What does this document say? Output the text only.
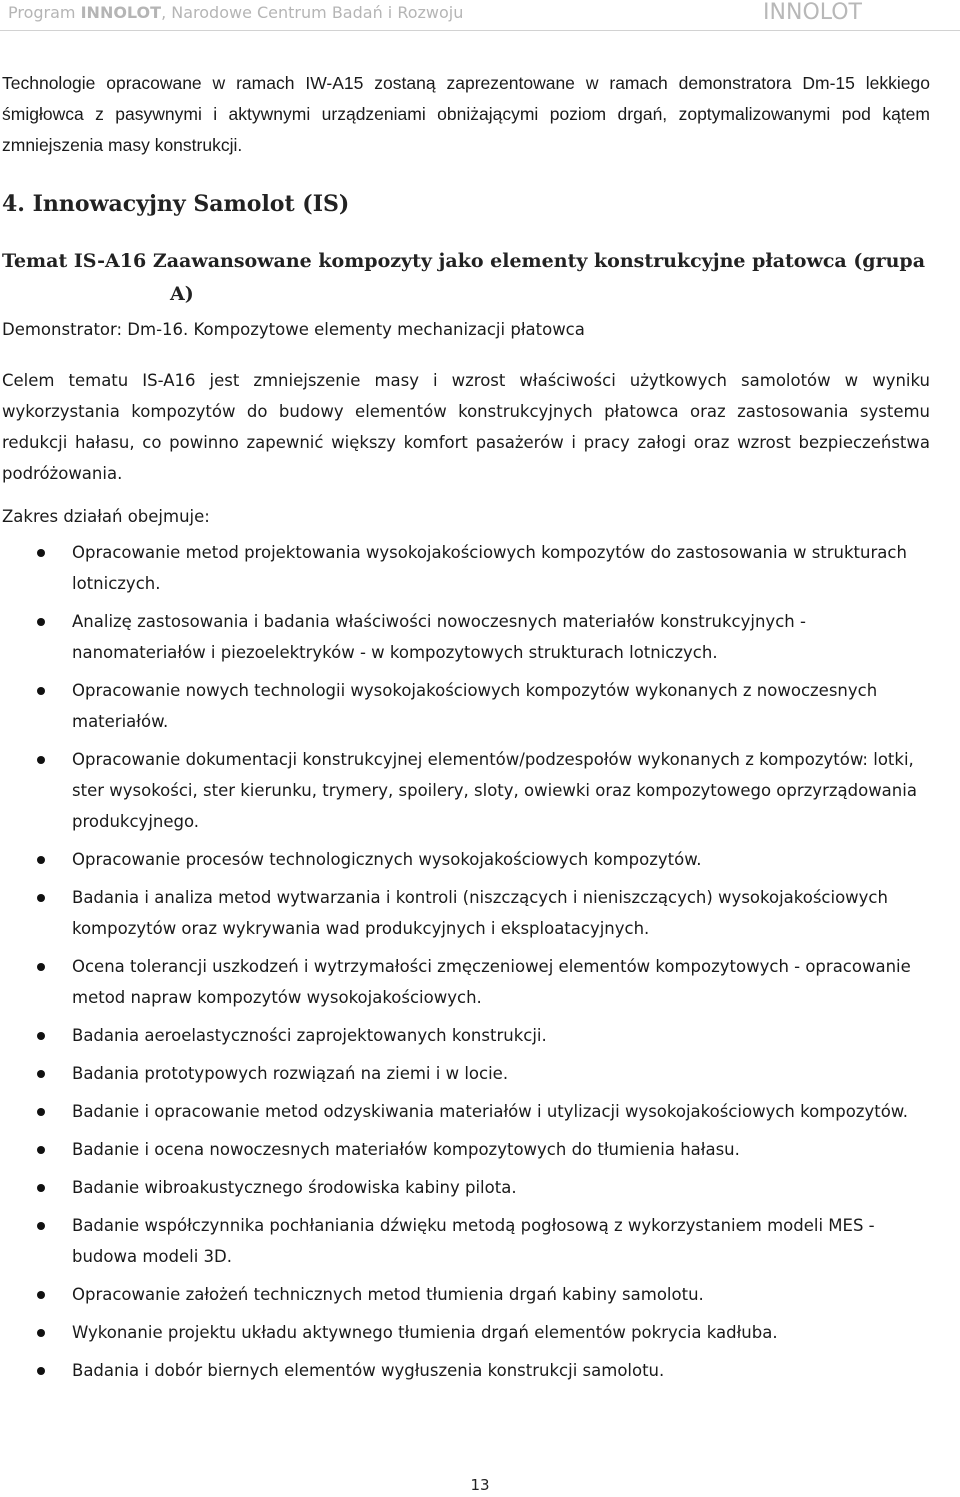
Program INNOLOT, Narodowe Centrum Badań i Rozwoju	INNOLOT

Technologie opracowane w ramach IW-A15 zostaną zaprezentowane w ramach demonstratora Dm-15 lekkiego śmigłowca z pasywnymi i aktywnymi urządzeniami obniżającymi poziom drgań, zoptymalizowanymi pod kątem zmniejszenia masy konstrukcji.

4. Innowacyjny Samolot (IS)
Temat IS-A16 Zaawansowane kompozyty jako elementy konstrukcyjne płatowca (grupa A)

Demonstrator: Dm-16. Kompozytowe elementy mechanizacji płatowca

Celem tematu IS-A16 jest zmniejszenie masy i wzrost właściwości użytkowych samolotów w wyniku wykorzystania kompozytów do budowy elementów konstrukcyjnych płatowca oraz zastosowania systemu redukcji hałasu, co powinno zapewnić większy komfort pasażerów i pracy załogi oraz wzrost bezpieczeństwa podróżowania.

Zakres działań obejmuje:

Opracowanie metod projektowania wysokojakościowych kompozytów do zastosowania w strukturach lotniczych.
Analizę zastosowania i badania właściwości nowoczesnych materiałów konstrukcyjnych - nanomateriałów i piezoelektryków - w kompozytowych strukturach lotniczych.
Opracowanie nowych technologii wysokojakościowych kompozytów wykonanych z nowoczesnych materiałów.
Opracowanie dokumentacji konstrukcyjnej elementów/podzespołów wykonanych z kompozytów: lotki, ster wysokości, ster kierunku, trymery, spoilery, sloty, owiewki oraz kompozytowego oprzyrządowania produkcyjnego.
Opracowanie procesów technologicznych wysokojakościowych kompozytów.
Badania i analiza metod wytwarzania i kontroli (niszczących i nieniszczących) wysokojakościowych kompozytów oraz wykrywania wad produkcyjnych i eksploatacyjnych.
Ocena tolerancji uszkodzeń i wytrzymałości zmęczeniowej elementów kompozytowych - opracowanie metod napraw kompozytów wysokojakościowych.
Badania aeroelastyczności zaprojektowanych konstrukcji.
Badania prototypowych rozwiązań na ziemi i w locie.
Badanie i opracowanie metod odzyskiwania materiałów i utylizacji wysokojakościowych kompozytów.
Badanie i ocena nowoczesnych materiałów kompozytowych do tłumienia hałasu.
Badanie wibroakustycznego środowiska kabiny pilota.
Badanie współczynnika pochłaniania dźwięku metodą pogłosową z wykorzystaniem modeli MES - budowa modeli 3D.
Opracowanie założeń technicznych metod tłumienia drgań kabiny samolotu.
Wykonanie projektu układu aktywnego tłumienia drgań elementów pokrycia kadłuba.
Badania i dobór biernych elementów wygłuszenia konstrukcji samolotu.
13
